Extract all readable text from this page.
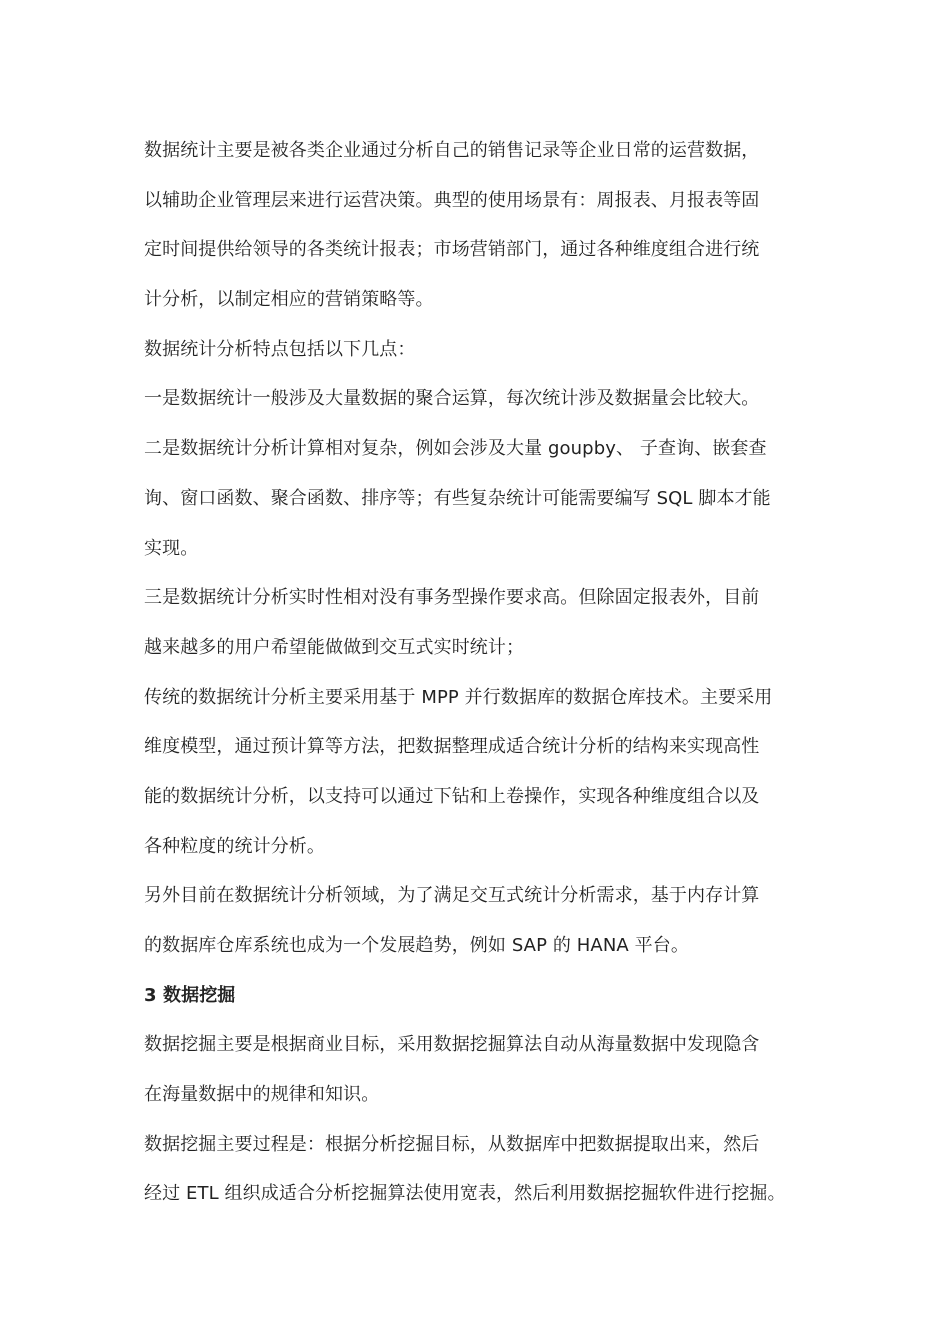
数据统计主要是被各类企业通过分析自己的销售记录等企业日常的运营数据，
以辅助企业管理层来进行运营决策。典型的使用场景有：周报表、月报表等固
定时间提供给领导的各类统计报表；市场营销部门，通过各种维度组合进行统
计分析，以制定相应的营销策略等。
数据统计分析特点包括以下几点：
一是数据统计一般涉及大量数据的聚合运算，每次统计涉及数据量会比较大。
二是数据统计分析计算相对复杂，例如会涉及大量 goupby、 子查询、嵌套查
询、窗口函数、聚合函数、排序等；有些复杂统计可能需要编写 SQL 脚本才能
实现。
三是数据统计分析实时性相对没有事务型操作要求高。但除固定报表外，目前
越来越多的用户希望能做做到交互式实时统计；
传统的数据统计分析主要采用基于 MPP 并行数据库的数据仓库技术。主要采用
维度模型，通过预计算等方法，把数据整理成适合统计分析的结构来实现高性
能的数据统计分析，以支持可以通过下钻和上卷操作，实现各种维度组合以及
各种粒度的统计分析。
另外目前在数据统计分析领域，为了满足交互式统计分析需求，基于内存计算
的数据库仓库系统也成为一个发展趋势，例如 SAP 的 HANA 平台。
3 数据挖掘
数据挖掘主要是根据商业目标，采用数据挖掘算法自动从海量数据中发现隐含
在海量数据中的规律和知识。
数据挖掘主要过程是：根据分析挖掘目标，从数据库中把数据提取出来，然后
经过 ETL 组织成适合分析挖掘算法使用宽表，然后利用数据挖掘软件进行挖掘。
